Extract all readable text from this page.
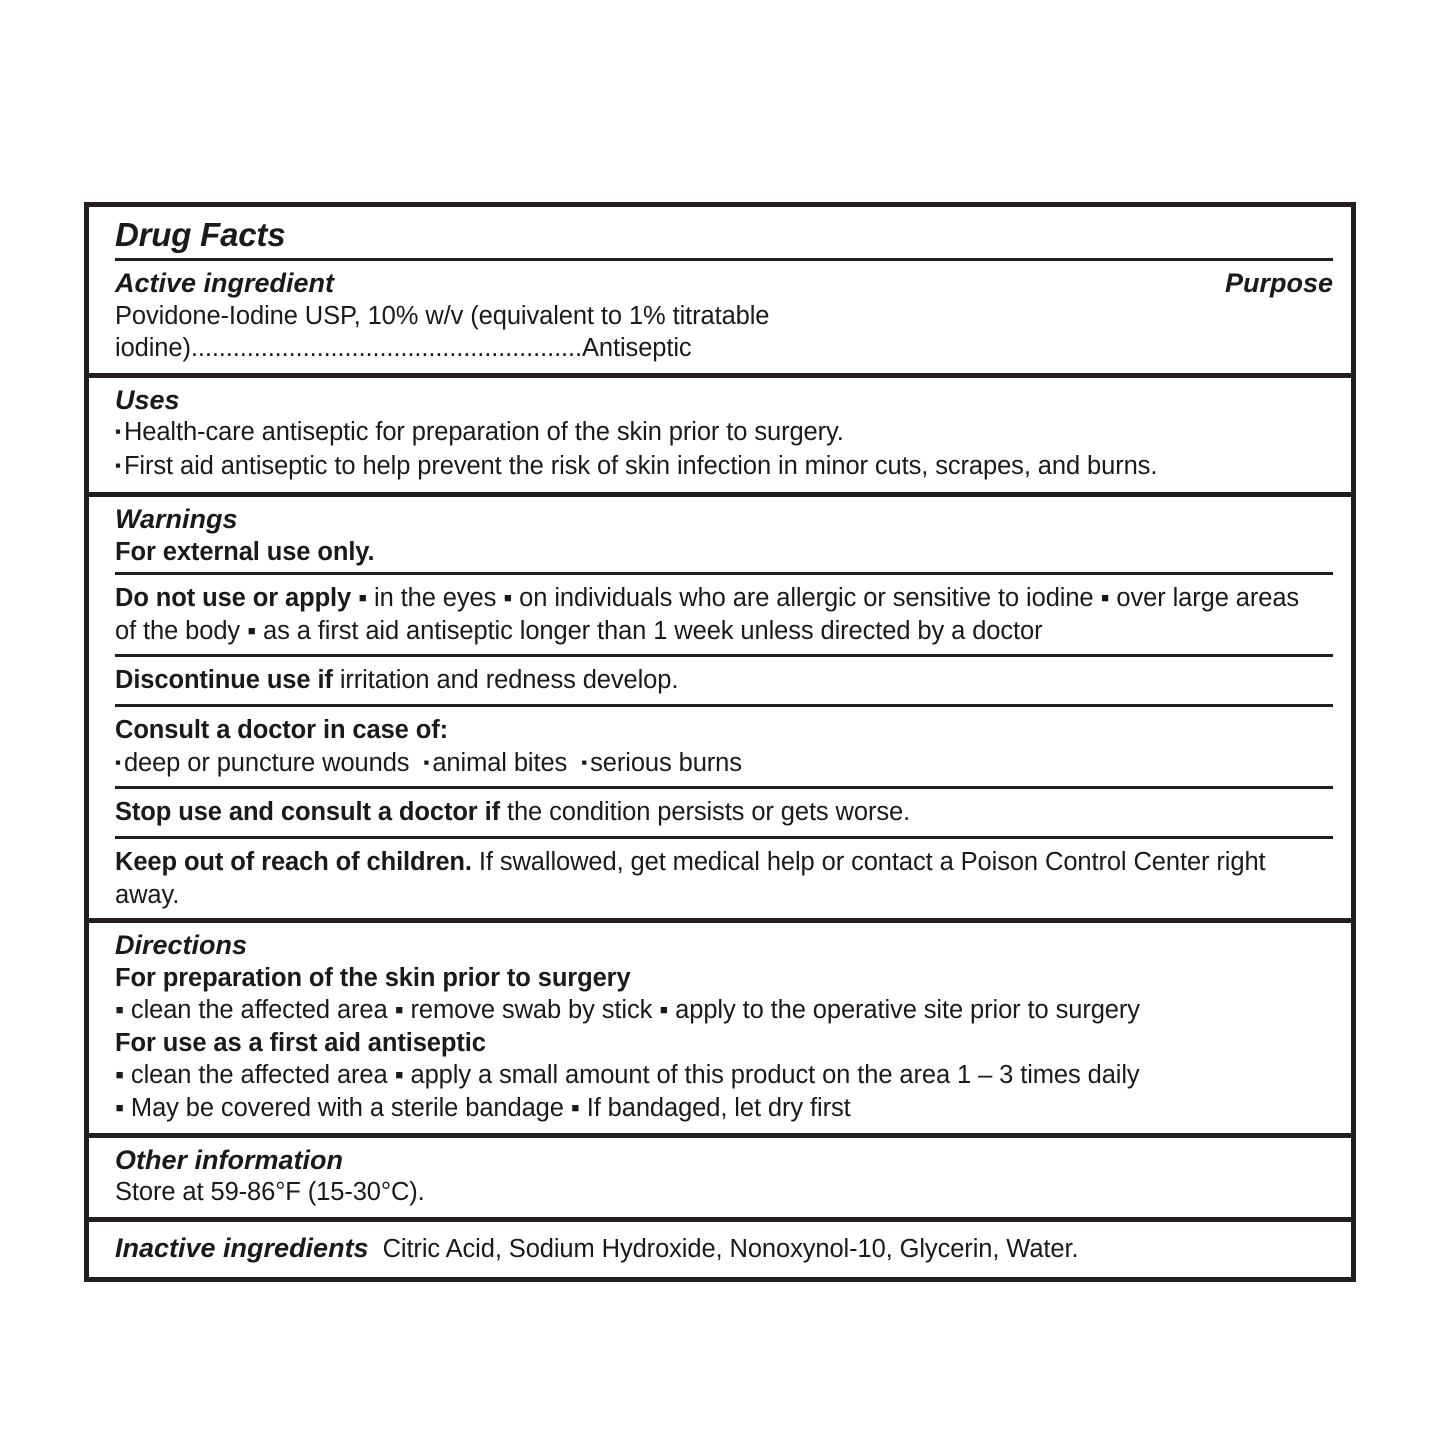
Drug Facts
Active ingredient	Purpose
Povidone-Iodine USP, 10% w/v (equivalent to 1% titratable iodine)........................................................Antiseptic
Uses
▪ Health-care antiseptic for preparation of the skin prior to surgery.
▪ First aid antiseptic to help prevent the risk of skin infection in minor cuts, scrapes, and burns.
Warnings
For external use only.
Do not use or apply ▪ in the eyes ▪ on individuals who are allergic or sensitive to iodine ▪ over large areas
of the body ▪ as a first aid antiseptic longer than 1 week unless directed by a doctor
Discontinue use if irritation and redness develop.
Consult a doctor in case of:
▪ deep or puncture wounds ▪ animal bites ▪ serious burns
Stop use and consult a doctor if the condition persists or gets worse.
Keep out of reach of children. If swallowed, get medical help or contact a Poison Control Center right away.
Directions
For preparation of the skin prior to surgery
▪ clean the affected area ▪ remove swab by stick ▪ apply to the operative site prior to surgery
For use as a first aid antiseptic
▪ clean the affected area ▪ apply a small amount of this product on the area 1 – 3 times daily
▪ May be covered with a sterile bandage ▪ If bandaged, let dry first
Other information
Store at 59-86°F (15-30°C).
Inactive ingredients Citric Acid, Sodium Hydroxide, Nonoxynol-10, Glycerin, Water.
